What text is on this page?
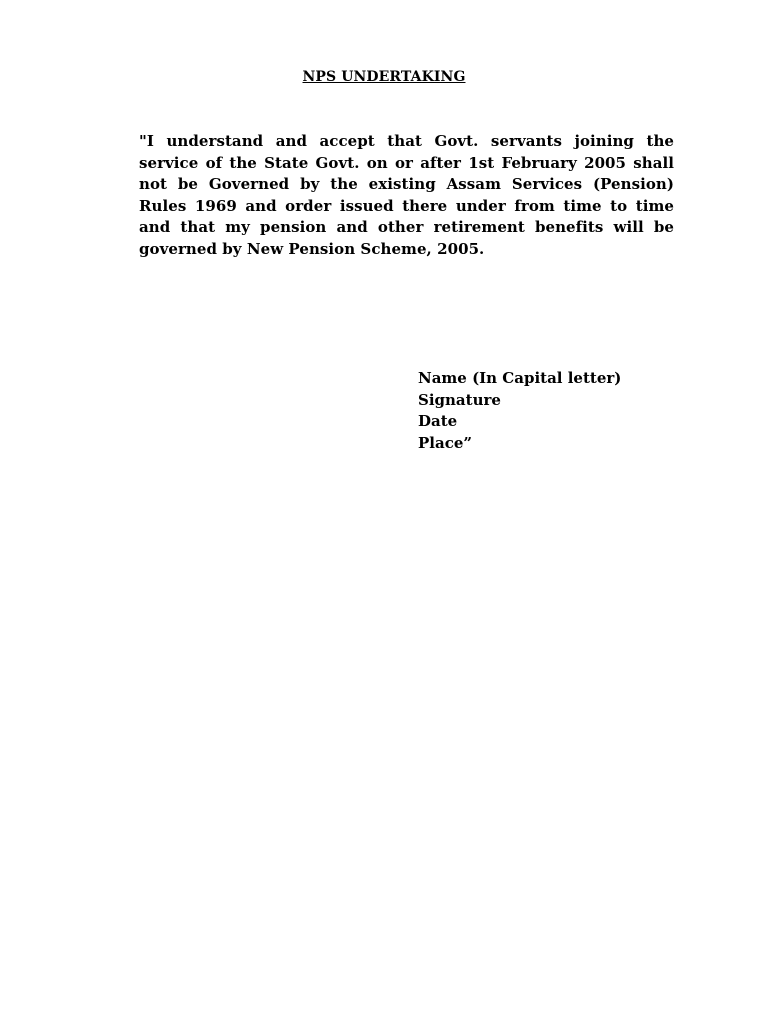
NPS UNDERTAKING
"I understand and accept that Govt. servants joining the service of the State Govt. on or after 1st February 2005 shall not be Governed by the existing Assam Services (Pension) Rules 1969 and order issued there under from time to time and that my pension and other retirement benefits will be governed by New Pension Scheme, 2005.
Name (In Capital letter)
Signature
Date
Place”
